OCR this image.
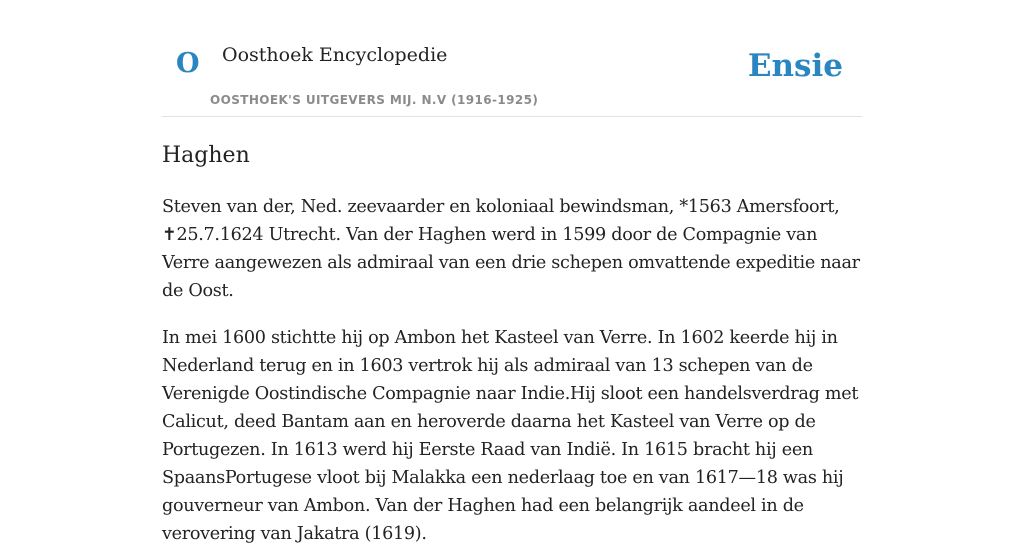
O Oosthoek Encyclopedie
OOSTHOEK'S UITGEVERS MIJ. N.V (1916-1925)
Ensie
Haghen

Steven van der, Ned. zeevaarder en koloniaal bewindsman, *1563 Amersfoort, ✝25.7.1624 Utrecht. Van der Haghen werd in 1599 door de Compagnie van Verre aangewezen als admiraal van een drie schepen omvattende expeditie naar de Oost.

In mei 1600 stichtte hij op Ambon het Kasteel van Verre. In 1602 keerde hij in Nederland terug en in 1603 vertrok hij als admiraal van 13 schepen van de Verenigde Oostindische Compagnie naar Indie.Hij sloot een handelsverdrag met Calicut, deed Bantam aan en heroverde daarna het Kasteel van Verre op de Portugezen. In 1613 werd hij Eerste Raad van Indië. In 1615 bracht hij een SpaansPortugese vloot bij Malakka een nederlaag toe en van 1617—18 was hij gouverneur van Ambon. Van der Haghen had een belangrijk aandeel in de verovering van Jakatra (1619).
